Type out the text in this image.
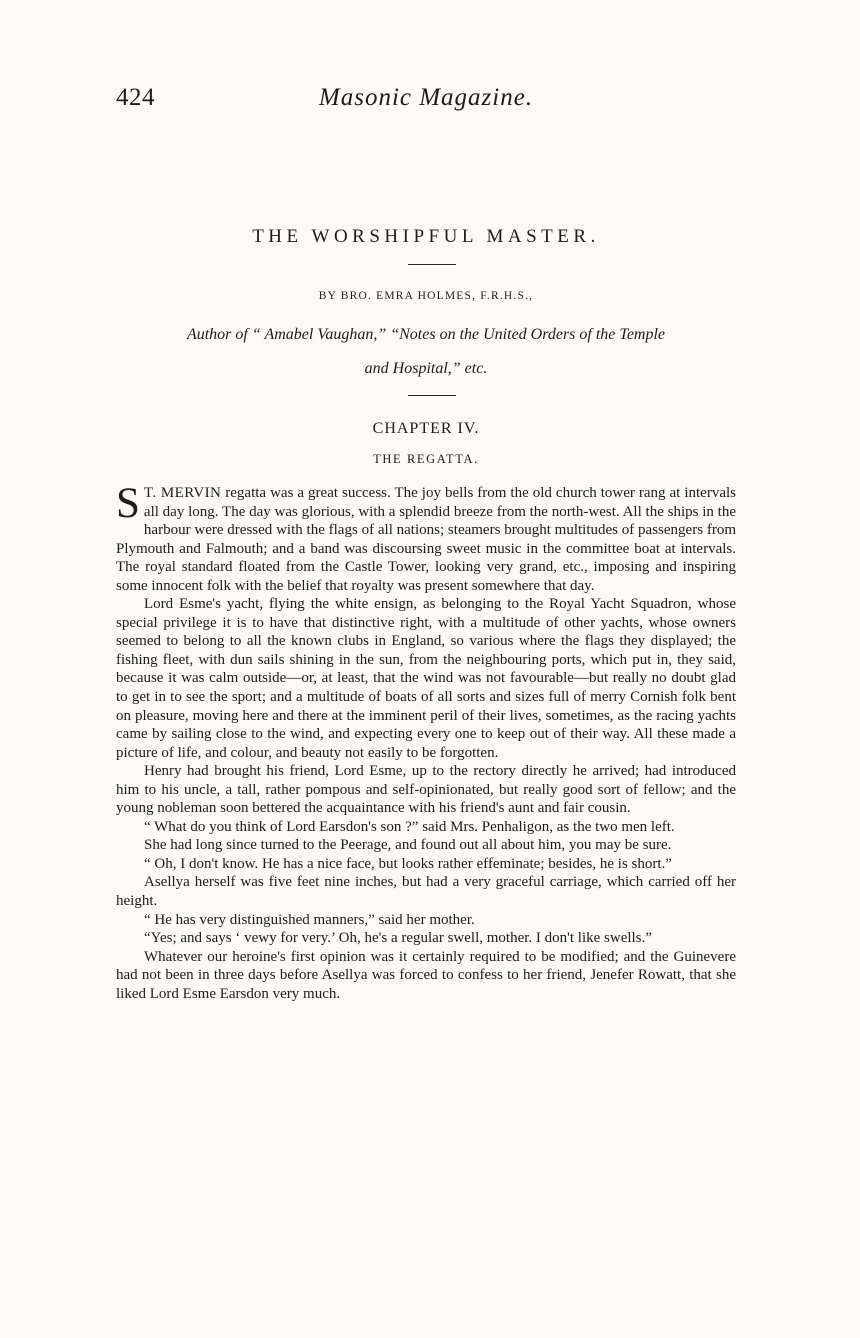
424	Masonic Magazine.
THE WORSHIPFUL MASTER.
BY BRO. EMRA HOLMES, F.R.H.S.,
Author of “ Amabel Vaughan,” “Notes on the United Orders of the Temple
and Hospital,” etc.
CHAPTER IV.
THE REGATTA.

S T. MERVIN regatta was a great success. The joy bells from the old church tower rang at intervals all day long. The day was glorious, with a splendid breeze from the north-west. All the ships in the harbour were dressed with the flags of all nations; steamers brought multitudes of passengers from Plymouth and Falmouth; and a band was discoursing sweet music in the committee boat at intervals. The royal standard floated from the Castle Tower, looking very grand, etc., imposing and inspiring some innocent folk with the belief that royalty was present somewhere that day.

Lord Esme's yacht, flying the white ensign, as belonging to the Royal Yacht Squadron, whose special privilege it is to have that distinctive right, with a multitude of other yachts, whose owners seemed to belong to all the known clubs in England, so various where the flags they displayed; the fishing fleet, with dun sails shining in the sun, from the neighbouring ports, which put in, they said, because it was calm outside—or, at least, that the wind was not favourable—but really no doubt glad to get in to see the sport; and a multitude of boats of all sorts and sizes full of merry Cornish folk bent on pleasure, moving here and there at the imminent peril of their lives, sometimes, as the racing yachts came by sailing close to the wind, and expecting every one to keep out of their way. All these made a picture of life, and colour, and beauty not easily to be forgotten.

Henry had brought his friend, Lord Esme, up to the rectory directly he arrived; had introduced him to his uncle, a tall, rather pompous and self-opinionated, but really good sort of fellow; and the young nobleman soon bettered the acquaintance with his friend's aunt and fair cousin.

“ What do you think of Lord Earsdon's son ?” said Mrs. Penhaligon, as the two men left.

She had long since turned to the Peerage, and found out all about him, you may be sure.

“ Oh, I don't know. He has a nice face, but looks rather effeminate; besides, he is short.”

Asellya herself was five feet nine inches, but had a very graceful carriage, which carried off her height.

“ He has very distinguished manners,” said her mother.

“Yes; and says ‘ vewy for very.’ Oh, he's a regular swell, mother. I don't like swells.”

Whatever our heroine's first opinion was it certainly required to be modified; and the Guinevere had not been in three days before Asellya was forced to confess to her friend, Jenefer Rowatt, that she liked Lord Esme Earsdon very much.
